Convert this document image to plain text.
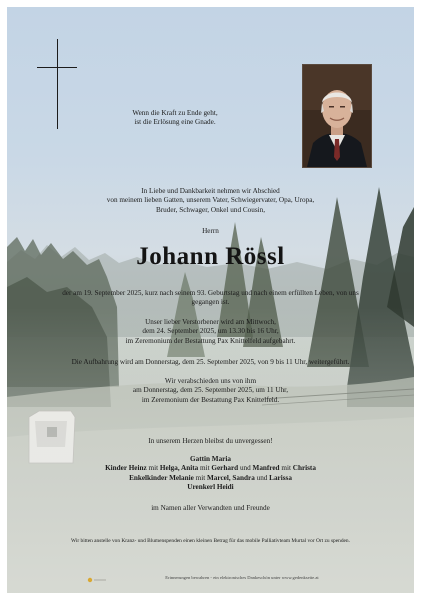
Wenn die Kraft zu Ende geht,
ist die Erlösung eine Gnade.
In Liebe und Dankbarkeit nehmen wir Abschied
von meinem lieben Gatten, unserem Vater, Schwiegervater, Opa, Uropa,
Bruder, Schwager, Onkel und Cousin,
Herrn
Johann Rössl
der am 19. September 2025, kurz nach seinem 93. Geburtstag und nach einem erfüllten Leben, von uns
gegangen ist.
Unser lieber Verstorbener wird am Mittwoch,
dem 24. September 2025, um 13.30 bis 16 Uhr,
im Zeremonium der Bestattung Pax Knittelfeld aufgebahrt.
Die Aufbahrung wird am Donnerstag, dem 25. September 2025, von 9 bis 11 Uhr, weitergeführt.
Wir verabschieden uns von ihm
am Donnerstag, dem 25. September 2025, um 11 Uhr,
im Zeremonium der Bestattung Pax Knittelfeld.
In unserem Herzen bleibst du unvergessen!
Gattin Maria
Kinder Heinz mit Helga, Anita mit Gerhard und Manfred mit Christa
Enkelkinder Melanie mit Marcel, Sandra und Larissa
Urenkerl Heidi
im Namen aller Verwandten und Freunde
Wir bitten anstelle von Kranz- und Blumenspenden einen kleinen Betrag für das mobile Palliativteam Murtal vor Ort zu spenden.
Erinnerungen bewahren - ein elektronisches Dankeschön unter www.gedenkseite.at
